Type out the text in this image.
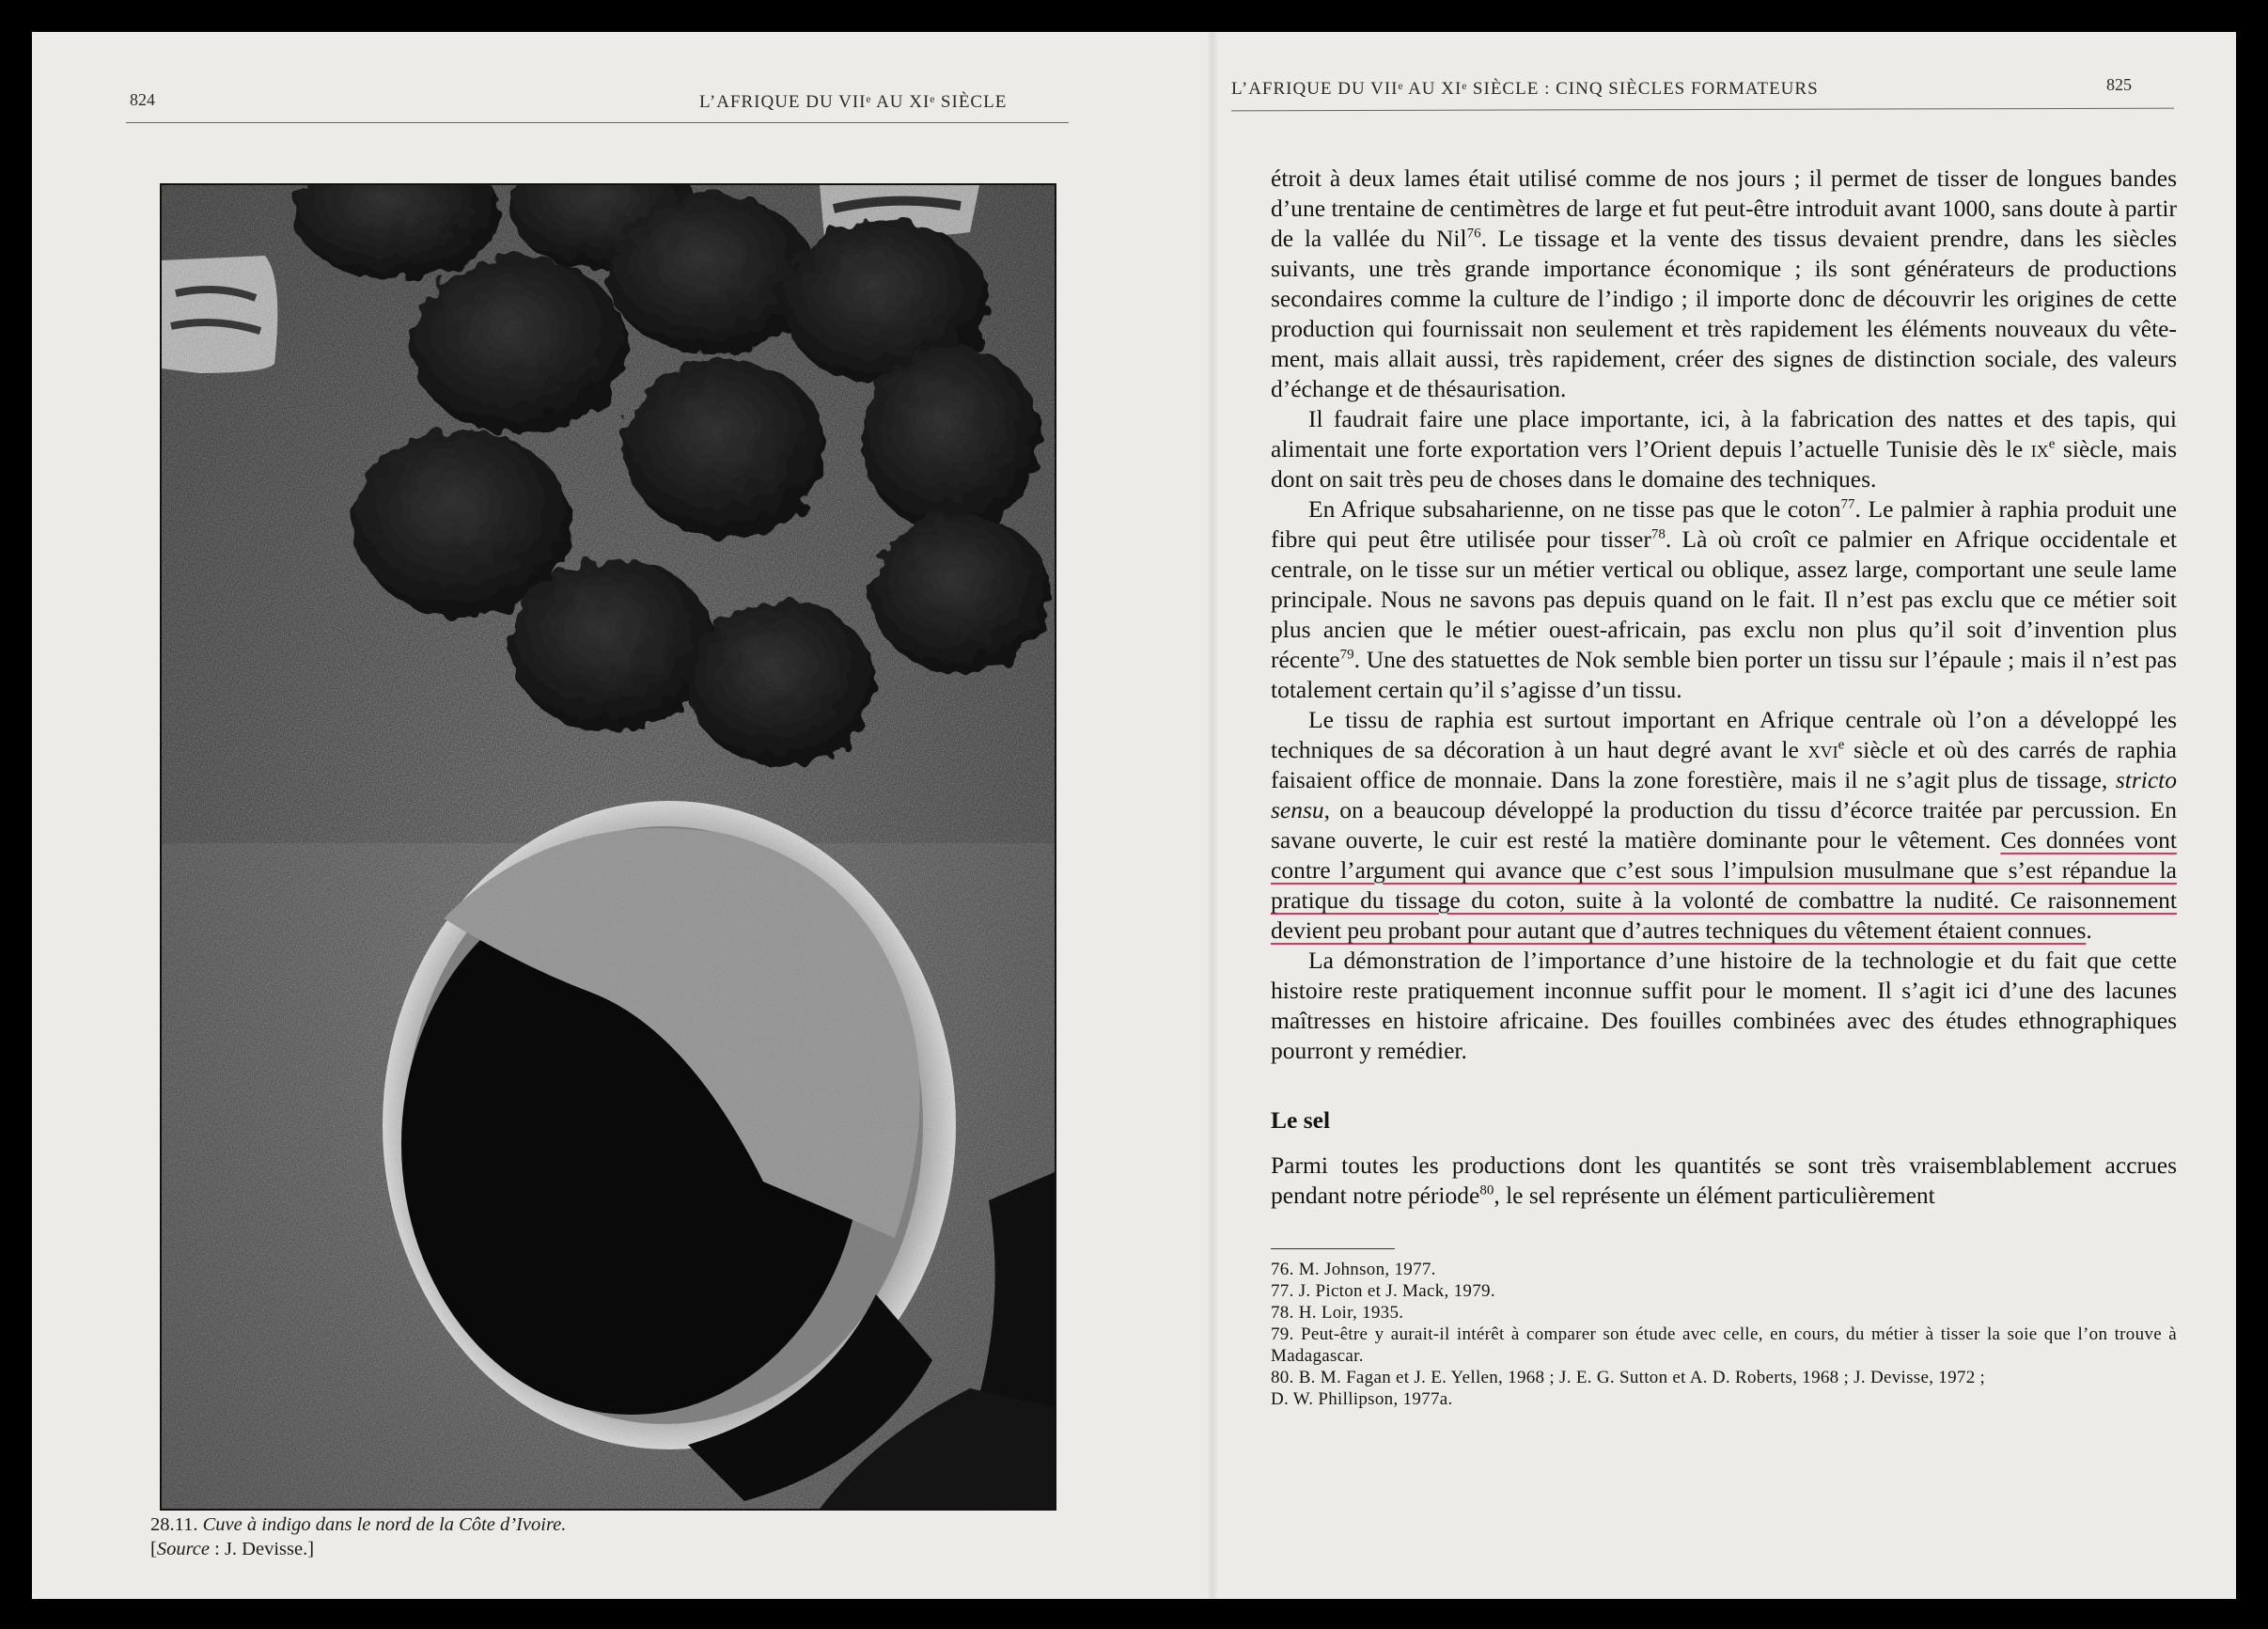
824	L’AFRIQUE DU VIIᵉ AU XIᵉ SIÈCLE
28.11. Cuve à indigo dans le nord de la Côte d’Ivoire.
[Source : J. Devisse.]
L’AFRIQUE DU VIIᵉ AU XIᵉ SIÈCLE : CINQ SIÈCLES FORMATEURS	825

étroit à deux lames était utilisé comme de nos jours ; il permet de tisser de longues bandes d’une trentaine de centimètres de large et fut peut-être introduit avant 1000, sans doute à partir de la vallée du Nil$^{76}$. Le tissage et la vente des tissus devaient prendre, dans les siècles suivants, une très grande importance économique ; ils sont générateurs de productions secondaires comme la culture de l’indigo ; il importe donc de découvrir les origines de cette production qui fournissait non seulement et très rapidement les éléments nouveaux du vêtement, mais allait aussi, très rapidement, créer des signes de distinction sociale, des valeurs d’échange et de thésaurisation.

Il faudrait faire une place importante, ici, à la fabrication des nattes et des tapis, qui alimentait une forte exportation vers l’Orient depuis l’actuelle Tunisie dès le $ix^e$ siècle, mais dont on sait très peu de choses dans le domaine des techniques.

En Afrique subsaharienne, on ne tisse pas que le coton$^{77}$. Le palmier à raphia produit une fibre qui peut être utilisée pour tisser$^{78}$. Là où croît ce palmier en Afrique occidentale et centrale, on le tisse sur un métier vertical ou oblique, assez large, comportant une seule lame principale. Nous ne savons pas depuis quand on le fait. Il n’est pas exclu que ce métier soit plus ancien que le métier ouest-africain, pas exclu non plus qu’il soit d’invention plus récente$^{79}$. Une des statuettes de Nok semble bien porter un tissu sur l’épaule ; mais il n’est pas totalement certain qu’il s’agisse d’un tissu.

Le tissu de raphia est surtout important en Afrique centrale où l’on a développé les techniques de sa décoration à un haut degré avant le xvi$^e$ siècle et où des carrés de raphia faisaient office de monnaie. Dans la zone forestière, mais il ne s’agit plus de tissage, stricto sensu, on a beaucoup développé la production du tissu d’écorce traitée par percussion. En savane ouverte, le cuir est resté la matière dominante pour le vêtement. Ces données vont contre l’argument qui avance que c’est sous l’impulsion musulmane que s’est répandue la pratique du tissage du coton, suite à la volonté de combattre la nudité. Ce raisonnement devient peu probant pour autant que d’autres techniques du vêtement étaient connues.

La démonstration de l’importance d’une histoire de la technologie et du fait que cette histoire reste pratiquement inconnue suffit pour le moment. Il s’agit ici d’une des lacunes maîtresses en histoire africaine. Des fouilles combinées avec des études ethnographiques pourront y remédier.

Le sel

Parmi toutes les productions dont les quantités se sont très vraisemblablement accrues pendant notre période$^{80}$, le sel représente un élément particulièrement

76. M. Johnson, 1977.
77. J. Picton et J. Mack, 1979.
78. H. Loir, 1935.
79. Peut-être y aurait-il intérêt à comparer son étude avec celle, en cours, du métier à tisser la soie que l’on trouve à Madagascar.
80. B. M. Fagan et J. E. Yellen, 1968 ; J. E. G. Sutton et A. D. Roberts, 1968 ; J. Devisse, 1972 ;
D. W. Phillipson, 1977a.
